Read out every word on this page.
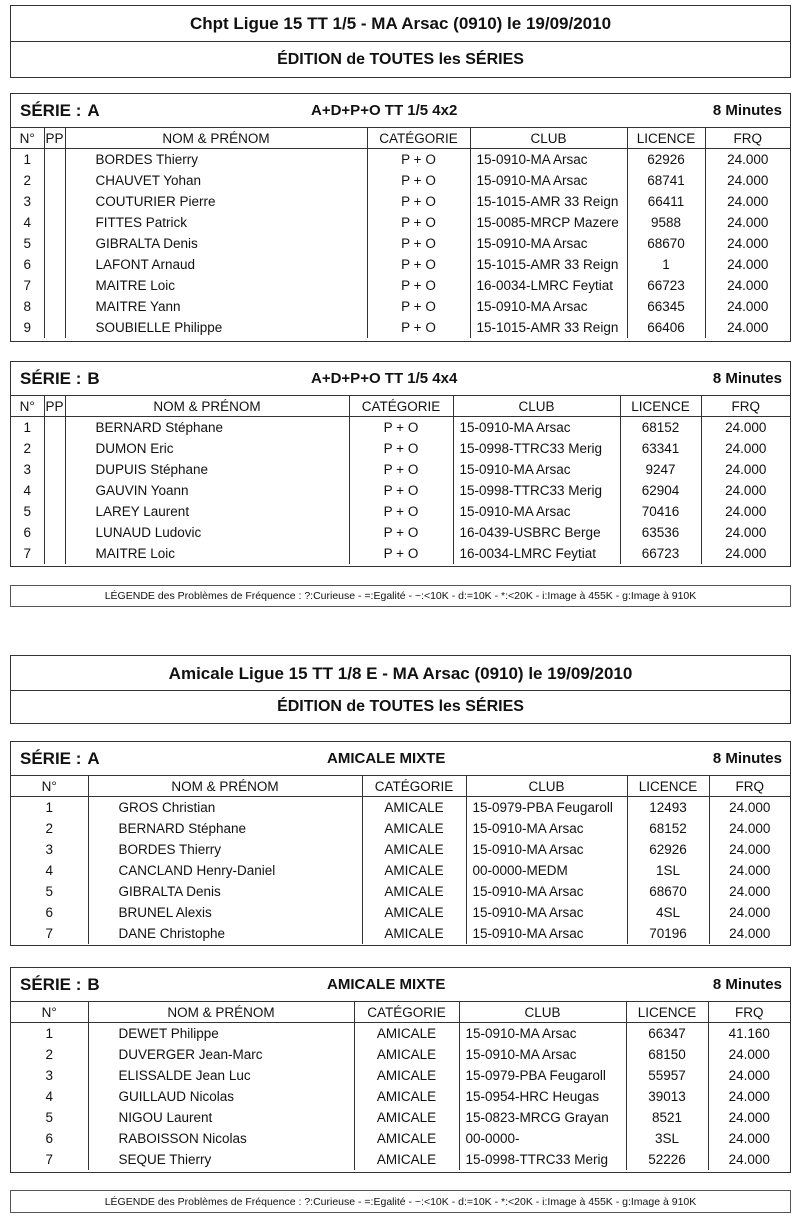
Chpt Ligue 15 TT 1/5 - MA Arsac (0910) le 19/09/2010
ÉDITION de TOUTES les SÉRIES
SÉRIE : A	A+D+P+O TT 1/5 4x2	8 Minutes
N°	PP	NOM & PRÉNOM	CATÉGORIE	CLUB	LICENCE	FRQ
1		BORDES Thierry	P + O	15-0910-MA Arsac	62926	24.000
2		CHAUVET Yohan	P + O	15-0910-MA Arsac	68741	24.000
3		COUTURIER Pierre	P + O	15-1015-AMR 33 Reign	66411	24.000
4		FITTES Patrick	P + O	15-0085-MRCP Mazere	9588	24.000
5		GIBRALTA Denis	P + O	15-0910-MA Arsac	68670	24.000
6		LAFONT Arnaud	P + O	15-1015-AMR 33 Reign	1	24.000
7		MAITRE Loic	P + O	16-0034-LMRC Feytiat	66723	24.000
8		MAITRE Yann	P + O	15-0910-MA Arsac	66345	24.000
9		SOUBIELLE Philippe	P + O	15-1015-AMR 33 Reign	66406	24.000
SÉRIE : B	A+D+P+O TT 1/5 4x4	8 Minutes
N°	PP	NOM & PRÉNOM	CATÉGORIE	CLUB	LICENCE	FRQ
1		BERNARD Stéphane	P + O	15-0910-MA Arsac	68152	24.000
2		DUMON Eric	P + O	15-0998-TTRC33 Merig	63341	24.000
3		DUPUIS Stéphane	P + O	15-0910-MA Arsac	9247	24.000
4		GAUVIN Yoann	P + O	15-0998-TTRC33 Merig	62904	24.000
5		LAREY Laurent	P + O	15-0910-MA Arsac	70416	24.000
6		LUNAUD Ludovic	P + O	16-0439-USBRC Berge	63536	24.000
7		MAITRE Loic	P + O	16-0034-LMRC Feytiat	66723	24.000
LÉGENDE des Problèmes de Fréquence : ?:Curieuse - =:Egalité - ~:<10K - d:=10K - *:<20K - i:Image à 455K - g:Image à 910K
Amicale Ligue 15 TT 1/8 E - MA Arsac (0910) le 19/09/2010
ÉDITION de TOUTES les SÉRIES
SÉRIE : A	AMICALE MIXTE	8 Minutes
N°	NOM & PRÉNOM	CATÉGORIE	CLUB	LICENCE	FRQ
1	GROS Christian	AMICALE	15-0979-PBA Feugaroll	12493	24.000
2	BERNARD Stéphane	AMICALE	15-0910-MA Arsac	68152	24.000
3	BORDES Thierry	AMICALE	15-0910-MA Arsac	62926	24.000
4	CANCLAND Henry-Daniel	AMICALE	00-0000-MEDM	1SL	24.000
5	GIBRALTA Denis	AMICALE	15-0910-MA Arsac	68670	24.000
6	BRUNEL Alexis	AMICALE	15-0910-MA Arsac	4SL	24.000
7	DANE Christophe	AMICALE	15-0910-MA Arsac	70196	24.000
SÉRIE : B	AMICALE MIXTE	8 Minutes
N°	NOM & PRÉNOM	CATÉGORIE	CLUB	LICENCE	FRQ
1	DEWET Philippe	AMICALE	15-0910-MA Arsac	66347	41.160
2	DUVERGER Jean-Marc	AMICALE	15-0910-MA Arsac	68150	24.000
3	ELISSALDE Jean Luc	AMICALE	15-0979-PBA Feugaroll	55957	24.000
4	GUILLAUD Nicolas	AMICALE	15-0954-HRC Heugas	39013	24.000
5	NIGOU Laurent	AMICALE	15-0823-MRCG Grayan	8521	24.000
6	RABOISSON Nicolas	AMICALE	00-0000-	3SL	24.000
7	SEQUE Thierry	AMICALE	15-0998-TTRC33 Merig	52226	24.000
LÉGENDE des Problèmes de Fréquence : ?:Curieuse - =:Egalité - ~:<10K - d:=10K - *:<20K - i:Image à 455K - g:Image à 910K
